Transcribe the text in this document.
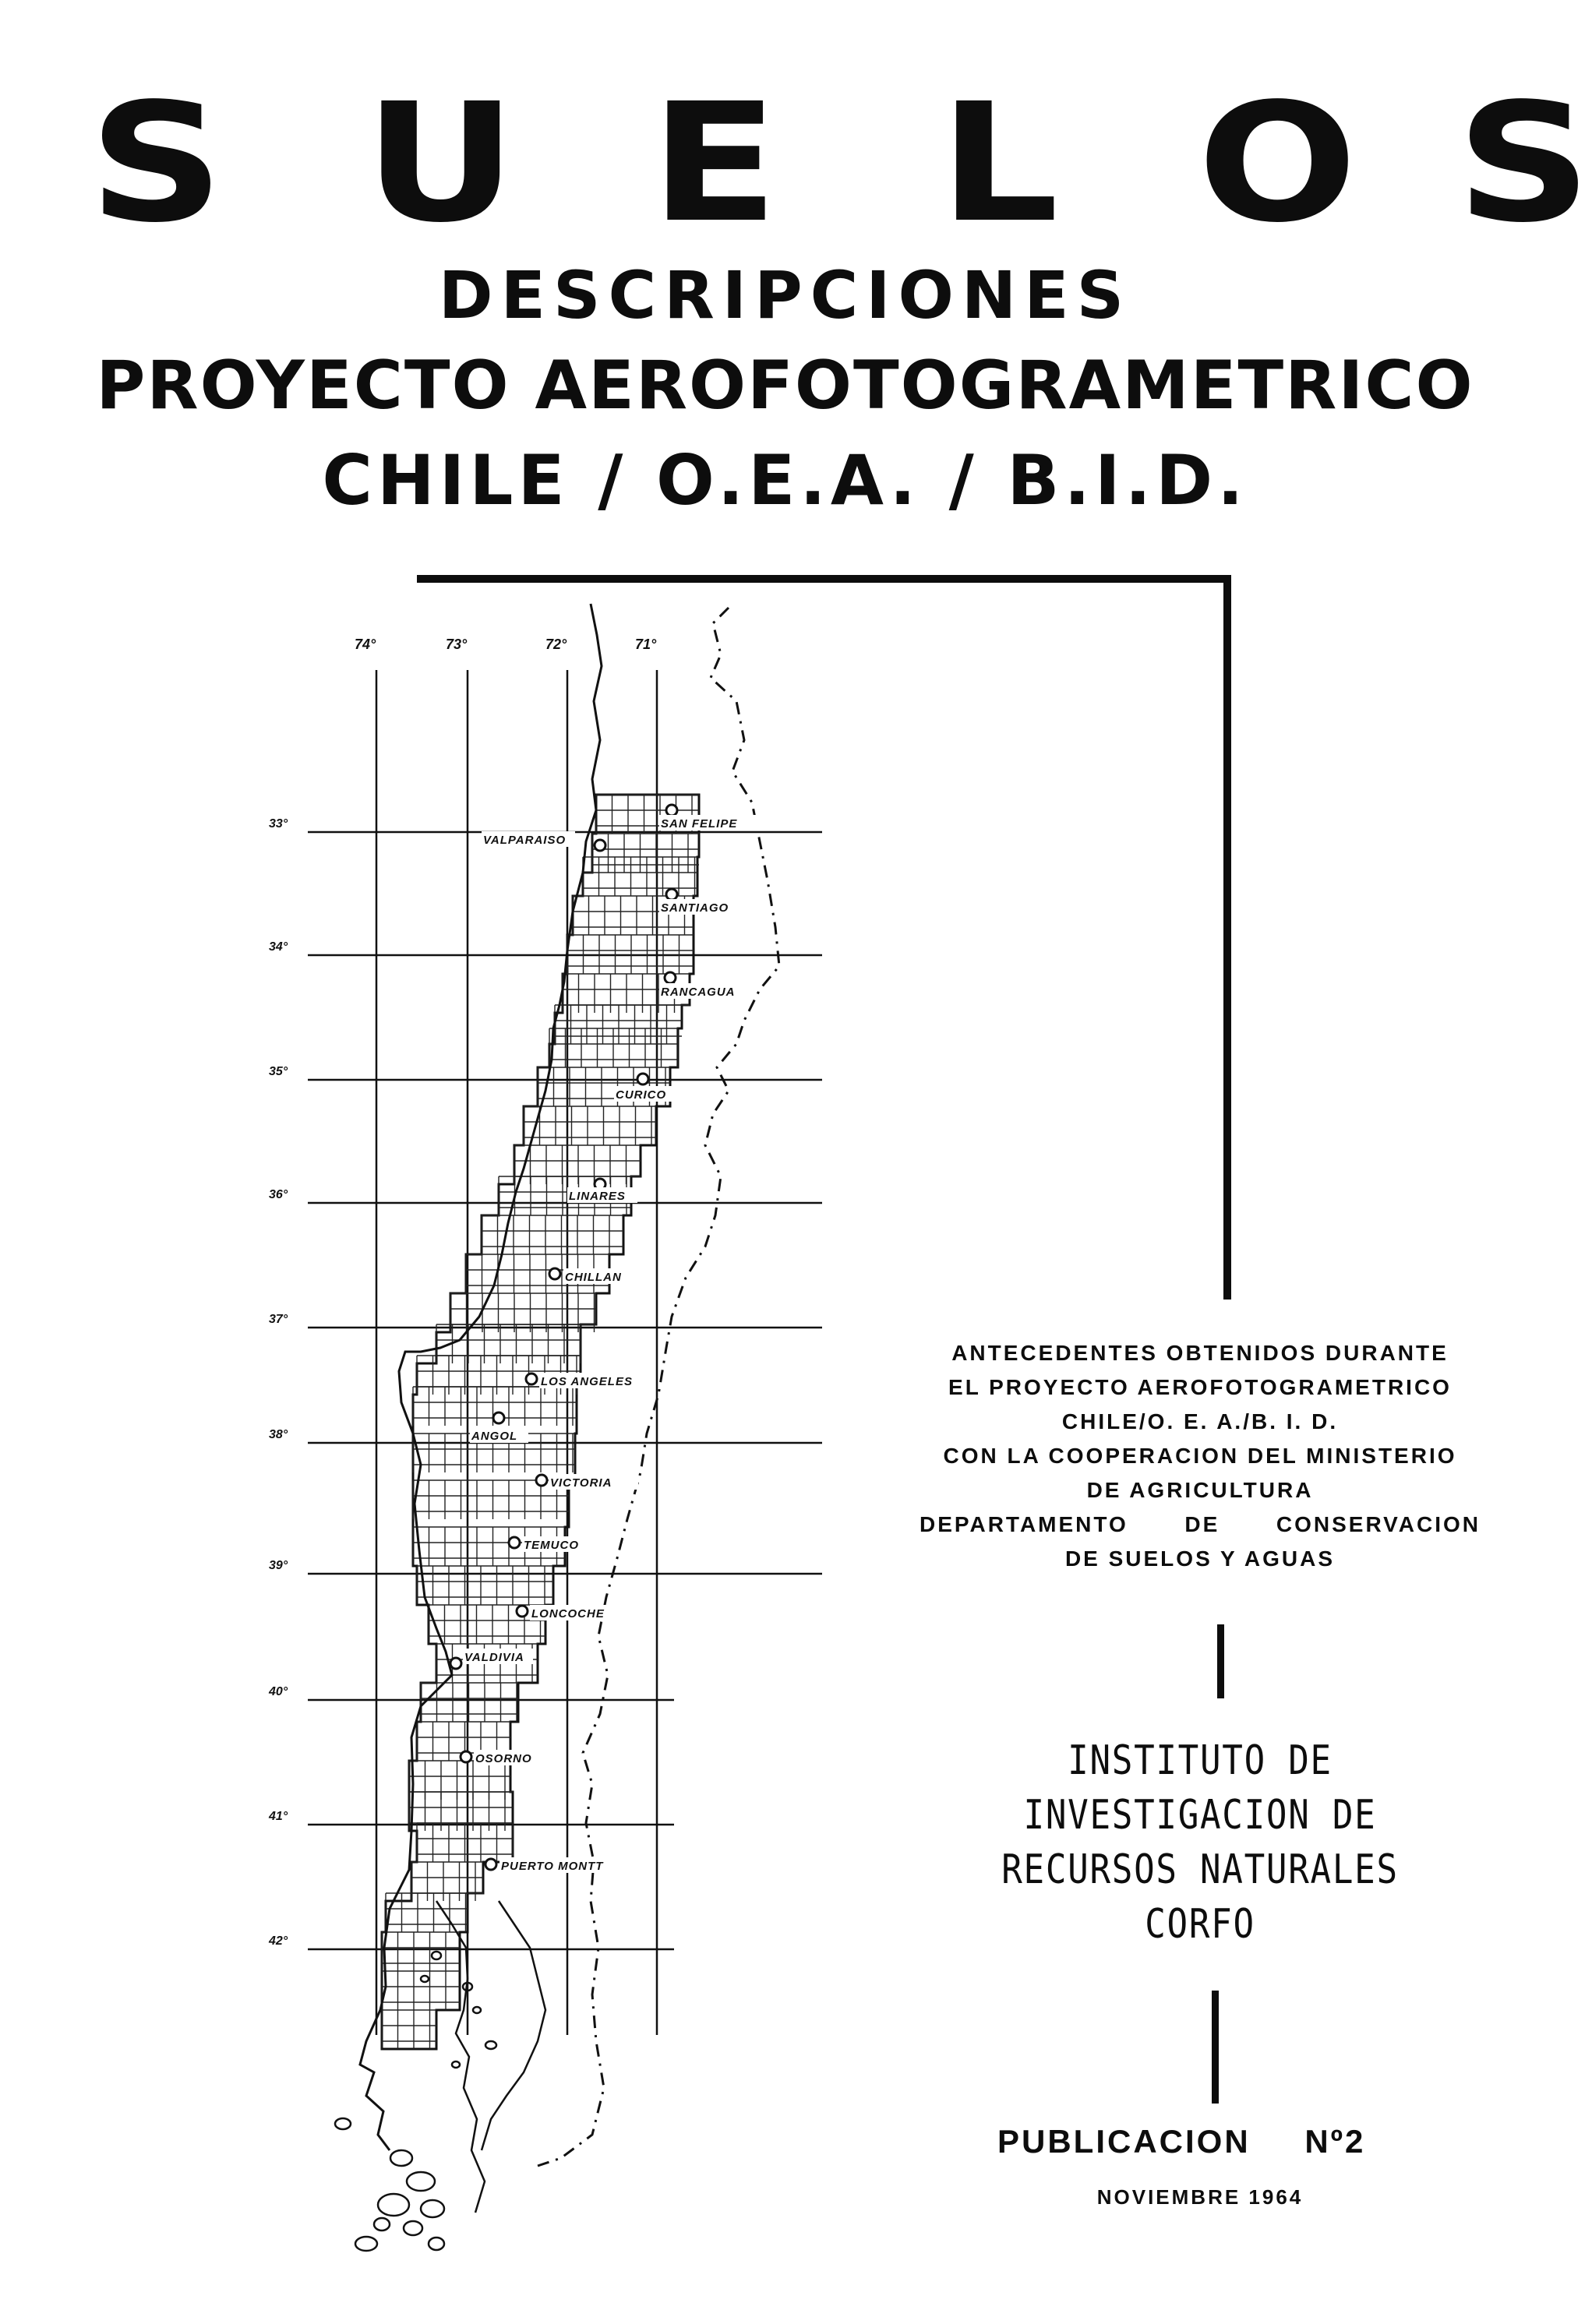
S U E L O S
DESCRIPCIONES
PROYECTO AEROFOTOGRAMETRICO
CHILE / O.E.A. / B.I.D.
74°	73°	72°	71°
33°
34°
35°
36°
37°
38°
39°
40°
41°
42°
SAN FELIPE
VALPARAISO
SANTIAGO
RANCAGUA
CURICO
LINARES
CHILLAN
LOS ANGELES
ANGOL
VICTORIA
TEMUCO
LONCOCHE
VALDIVIA
OSORNO
PUERTO MONTT
ANTECEDENTES OBTENIDOS DURANTE
EL PROYECTO AEROFOTOGRAMETRICO
CHILE/O. E. A./B. I. D.
CON LA COOPERACION DEL MINISTERIO
DE AGRICULTURA
DEPARTAMENTO	DE	CONSERVACION
DE SUELOS Y AGUAS
INSTITUTO DE
INVESTIGACION DE
RECURSOS NATURALES
CORFO
PUBLICACION Nº2
NOVIEMBRE 1964
